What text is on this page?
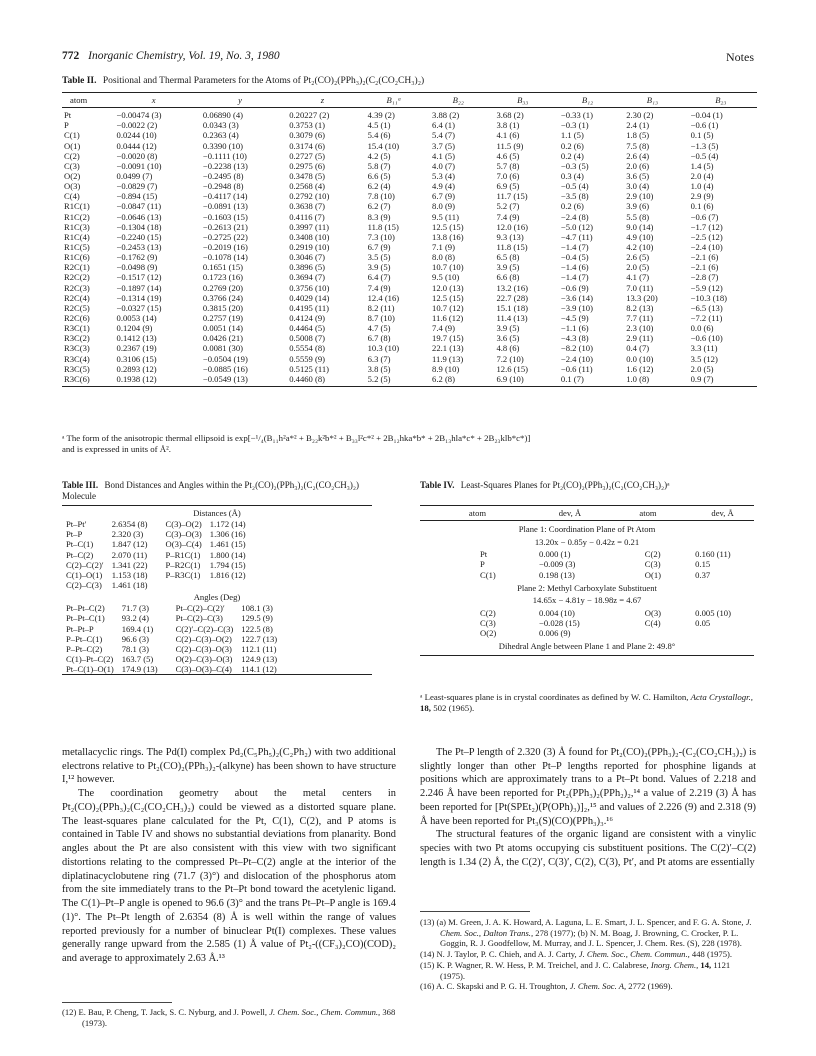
772 Inorganic Chemistry, Vol. 19, No. 3, 1980	Notes
Table II. Positional and Thermal Parameters for the Atoms of Pt₂(CO)₂(PPh₃)₂(C₂(CO₂CH₃)₂)
atom	x	y	z	B₁₁ᵃ	B₂₂	B₃₃	B₁₂	B₁₃	B₂₃
Pt	−0.00474 (3)	0.06890 (4)	0.20227 (2)	4.39 (2)	3.88 (2)	3.68 (2)	−0.33 (1)	2.30 (2)	−0.04 (1)
P	−0.0022 (2)	0.0343 (3)	0.3753 (1)	4.5 (1)	6.4 (1)	3.8 (1)	−0.3 (1)	2.4 (1)	−0.6 (1)
C(1)	0.0244 (10)	0.2363 (4)	0.3079 (6)	5.4 (6)	5.4 (7)	4.1 (6)	1.1 (5)	1.8 (5)	0.1 (5)
O(1)	0.0444 (12)	0.3390 (10)	0.3174 (6)	15.4 (10)	3.7 (5)	11.5 (9)	0.2 (6)	7.5 (8)	−1.3 (5)
C(2)	−0.0020 (8)	−0.1111 (10)	0.2727 (5)	4.2 (5)	4.1 (5)	4.6 (5)	0.2 (4)	2.6 (4)	−0.5 (4)
C(3)	−0.0091 (10)	−0.2238 (13)	0.2975 (6)	5.8 (7)	4.0 (7)	5.7 (8)	−0.3 (5)	2.0 (6)	1.4 (5)
O(2)	0.0499 (7)	−0.2495 (8)	0.3478 (5)	6.6 (5)	5.3 (4)	7.0 (6)	0.3 (4)	3.6 (5)	2.0 (4)
O(3)	−0.0829 (7)	−0.2948 (8)	0.2568 (4)	6.2 (4)	4.9 (4)	6.9 (5)	−0.5 (4)	3.0 (4)	1.0 (4)
C(4)	−0.894 (15)	−0.4117 (14)	0.2792 (10)	7.8 (10)	6.7 (9)	11.7 (15)	−3.5 (8)	2.9 (10)	2.9 (9)
R1C(1)	−0.0847 (11)	−0.0891 (13)	0.3638 (7)	6.2 (7)	8.0 (9)	5.2 (7)	0.2 (6)	3.9 (6)	0.1 (6)
R1C(2)	−0.0646 (13)	−0.1603 (15)	0.4116 (7)	8.3 (9)	9.5 (11)	7.4 (9)	−2.4 (8)	5.5 (8)	−0.6 (7)
R1C(3)	−0.1304 (18)	−0.2613 (21)	0.3997 (11)	11.8 (15)	12.5 (15)	12.0 (16)	−5.0 (12)	9.0 (14)	−1.7 (12)
R1C(4)	−0.2240 (15)	−0.2725 (22)	0.3408 (10)	7.3 (10)	13.8 (16)	9.3 (13)	−4.7 (11)	4.9 (10)	−2.5 (12)
R1C(5)	−0.2453 (13)	−0.2019 (16)	0.2919 (10)	6.7 (9)	7.1 (9)	11.8 (15)	−1.4 (7)	4.2 (10)	−2.4 (10)
R1C(6)	−0.1762 (9)	−0.1078 (14)	0.3046 (7)	3.5 (5)	8.0 (8)	6.5 (8)	−0.4 (5)	2.6 (5)	−2.1 (6)
R2C(1)	−0.0498 (9)	0.1651 (15)	0.3896 (5)	3.9 (5)	10.7 (10)	3.9 (5)	−1.4 (6)	2.0 (5)	−2.1 (6)
R2C(2)	−0.1517 (12)	0.1723 (16)	0.3694 (7)	6.4 (7)	9.5 (10)	6.6 (8)	−1.4 (7)	4.1 (7)	−2.8 (7)
R2C(3)	−0.1897 (14)	0.2769 (20)	0.3756 (10)	7.4 (9)	12.0 (13)	13.2 (16)	−0.6 (9)	7.0 (11)	−5.9 (12)
R2C(4)	−0.1314 (19)	0.3766 (24)	0.4029 (14)	12.4 (16)	12.5 (15)	22.7 (28)	−3.6 (14)	13.3 (20)	−10.3 (18)
R2C(5)	−0.0327 (15)	0.3815 (20)	0.4195 (11)	8.2 (11)	10.7 (12)	15.1 (18)	−3.9 (10)	8.2 (13)	−6.5 (13)
R2C(6)	0.0053 (14)	0.2757 (19)	0.4124 (9)	8.7 (10)	11.6 (12)	11.4 (13)	−4.5 (9)	7.7 (11)	−7.2 (11)
R3C(1)	0.1204 (9)	0.0051 (14)	0.4464 (5)	4.7 (5)	7.4 (9)	3.9 (5)	−1.1 (6)	2.3 (10)	0.0 (6)
R3C(2)	0.1412 (13)	0.0426 (21)	0.5008 (7)	6.7 (8)	19.7 (15)	3.6 (5)	−4.3 (8)	2.9 (11)	−0.6 (10)
R3C(3)	0.2367 (19)	0.0081 (30)	0.5554 (8)	10.3 (10)	22.1 (13)	4.8 (6)	−8.2 (10)	0.4 (7)	3.3 (11)
R3C(4)	0.3106 (15)	−0.0504 (19)	0.5559 (9)	6.3 (7)	11.9 (13)	7.2 (10)	−2.4 (10)	0.0 (10)	3.5 (12)
R3C(5)	0.2893 (12)	−0.0885 (16)	0.5125 (11)	3.8 (5)	8.9 (10)	12.6 (15)	−0.6 (11)	1.6 (12)	2.0 (5)
R3C(6)	0.1938 (12)	−0.0549 (13)	0.4460 (8)	5.2 (5)	6.2 (8)	6.9 (10)	0.1 (7)	1.0 (8)	0.9 (7)
ᵃ The form of the anisotropic thermal ellipsoid is exp[−¹/₄(B₁₁h²a*² + B₂₂k²b*² + B₃₃l²c*² + 2B₁₂hka*b* + 2B₁₃hla*c* + 2B₂₃klb*c*)]
and is expressed in units of Å².
Table III. Bond Distances and Angles within the Pt₂(CO)₂(PPh₃)₂(C₂(CO₂CH₃)₂) Molecule
Distances (Å)
Pt–Pt′	2.6354 (8)	C(3)–O(2)	1.172 (14)
Pt–P	2.320 (3)	C(3)–O(3)	1.306 (16)
Pt–C(1)	1.847 (12)	O(3)–C(4)	1.461 (15)
Pt–C(2)	2.070 (11)	P–R1C(1)	1.800 (14)
C(2)–C(2)′	1.341 (22)	P–R2C(1)	1.794 (15)
C(1)–O(1)	1.153 (18)	P–R3C(1)	1.816 (12)
C(2)–C(3)	1.461 (18)		
Angles (Deg)
Pt–Pt–C(2)	71.7 (3)	Pt–C(2)–C(2)′	108.1 (3)
Pt–Pt–C(1)	93.2 (4)	Pt–C(2)–C(3)	129.5 (9)
Pt–Pt–P	169.4 (1)	C(2)′–C(2)–C(3)	122.5 (8)
P–Pt–C(1)	96.6 (3)	C(2)–C(3)–O(2)	122.7 (13)
P–Pt–C(2)	78.1 (3)	C(2)–C(3)–O(3)	112.1 (11)
C(1)–Pt–C(2)	163.7 (5)	O(2)–C(3)–O(3)	124.9 (13)
Pt–C(1)–O(1)	174.9 (13)	C(3)–O(3)–C(4)	114.1 (12)
Table IV. Least-Squares Planes for Pt₂(CO)₂(PPh₃)₂(C₂(CO₂CH₃)₂)ᵃ
atom	dev, Å	atom	dev, Å
Plane 1: Coordination Plane of Pt Atom			
13.20x − 0.85y − 0.42z = 0.21			
Pt	0.000 (1)	C(2)	0.160 (11)
P	−0.009 (3)	C(3)	0.15
C(1)	0.198 (13)	O(1)	0.37
Plane 2: Methyl Carboxylate Substituent			
14.65x − 4.81y − 18.98z = 4.67			
C(2)	0.004 (10)	O(3)	0.005 (10)
C(3)	−0.028 (15)	C(4)	0.05
O(2)	0.006 (9)		
Dihedral Angle between Plane 1 and Plane 2: 49.8°			
ᵃ Least-squares plane is in crystal coordinates as defined by W. C. Hamilton, Acta Crystallogr., 18, 502 (1965).

metallacyclic rings. The Pd(I) complex Pd₂(C₅Ph₅)₂(C₂Ph₂) with two additional electrons relative to Pt₂(CO)₂(PPh₃)₂-(alkyne) has been shown to have structure I,¹² however.

The coordination geometry about the metal centers in Pt₂(CO)₂(PPh₃)₂(C₂(CO₂CH₃)₂) could be viewed as a distorted square plane. The least-squares plane calculated for the Pt, C(1), C(2), and P atoms is contained in Table IV and shows no substantial deviations from planarity. Bond angles about the Pt are also consistent with this view with two significant distortions relating to the compressed Pt–Pt–C(2) angle at the interior of the diplatinacyclobutene ring (71.7 (3)°) and dislocation of the phosphorus atom from the site immediately trans to the Pt–Pt bond toward the acetylenic ligand. The C(1)–Pt–P angle is opened to 96.6 (3)° and the trans Pt–Pt–P angle is 169.4 (1)°. The Pt–Pt length of 2.6354 (8) Å is well within the range of values reported previously for a number of binuclear Pt(I) complexes. These values generally range upward from the 2.585 (1) Å value of Pt₂-((CF₃)₂CO)(COD)₂ and average to approximately 2.63 Å.¹³

The Pt–P length of 2.320 (3) Å found for Pt₂(CO)₂(PPh₃)₂-(C₂(CO₂CH₃)₂) is slightly longer than other Pt–P lengths reported for phosphine ligands at positions which are approximately trans to a Pt–Pt bond. Values of 2.218 and 2.246 Å have been reported for Pt₂(PPh₃)₂(PPh₂)₂,¹⁴ a value of 2.219 (3) Å has been reported for [Pt(SPEt₂)(P(OPh)₃)]₂,¹⁵ and values of 2.226 (9) and 2.318 (9) Å have been reported for Pt₃(S)(CO)(PPh₃)₃.¹⁶

The structural features of the organic ligand are consistent with a vinylic species with two Pt atoms occupying cis substituent positions. The C(2)′–C(2) length is 1.34 (2) Å, the C(2)′, C(3)′, C(2), C(3), Pt′, and Pt atoms are essentially

(12) E. Bau, P. Cheng, T. Jack, S. C. Nyburg, and J. Powell, J. Chem. Soc., Chem. Commun., 368 (1973).

(13) (a) M. Green, J. A. K. Howard, A. Laguna, L. E. Smart, J. L. Spencer, and F. G. A. Stone, J. Chem. Soc., Dalton Trans., 278 (1977); (b) N. M. Boag, J. Browning, C. Crocker, P. L. Goggin, R. J. Goodfellow, M. Murray, and J. L. Spencer, J. Chem. Res. (S), 228 (1978).

(14) N. J. Taylor, P. C. Chieh, and A. J. Carty, J. Chem. Soc., Chem. Commun., 448 (1975).

(15) K. P. Wagner, R. W. Hess, P. M. Treichel, and J. C. Calabrese, Inorg. Chem., 14, 1121 (1975).

(16) A. C. Skapski and P. G. H. Troughton, J. Chem. Soc. A, 2772 (1969).
